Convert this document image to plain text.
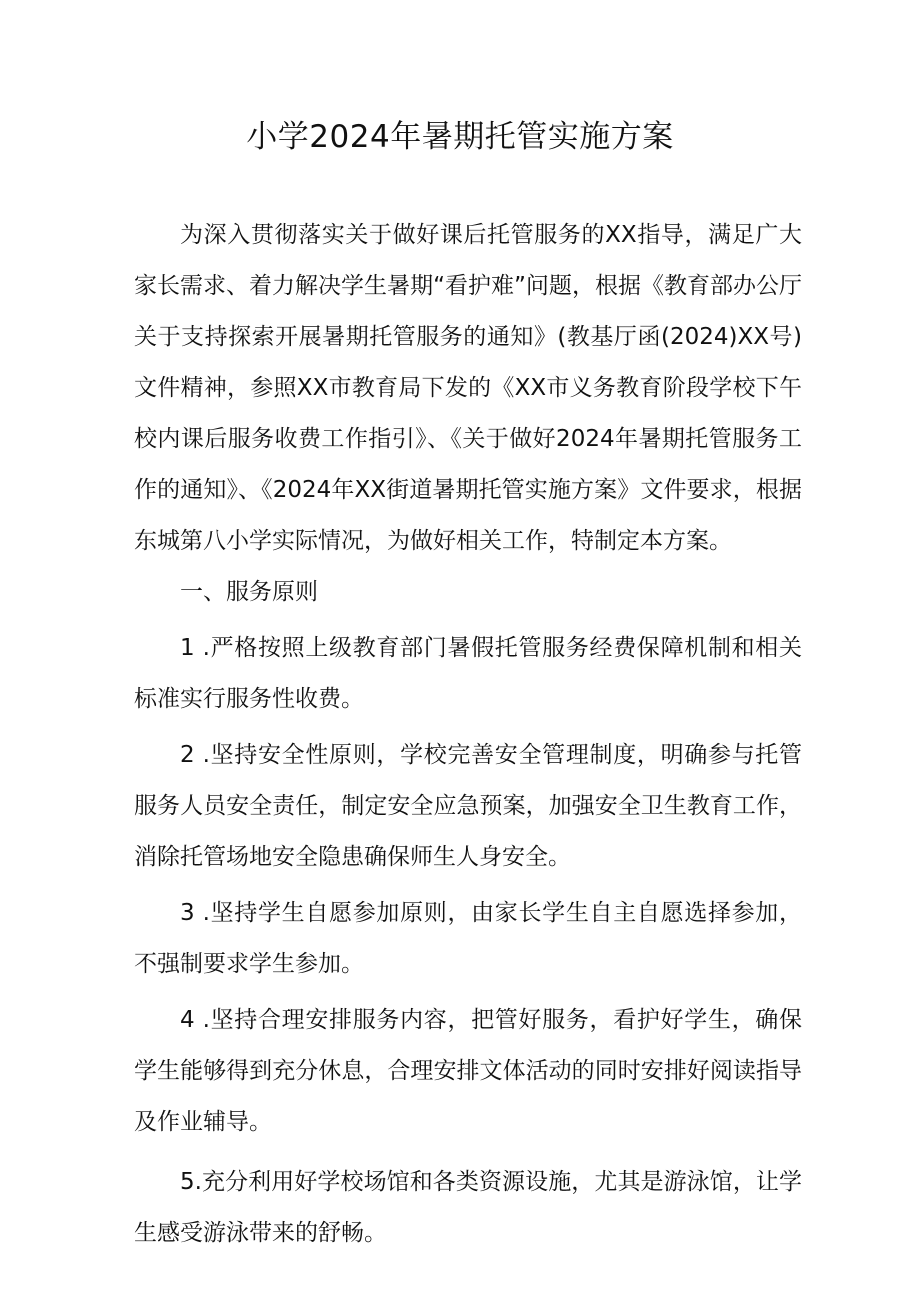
小学2024年暑期托管实施方案

为深入贯彻落实关于做好课后托管服务的XX指导，满足广大家长需求、着力解决学生暑期“看护难”问题，根据《教育部办公厅关于支持探索开展暑期托管服务的通知》(教基厅函(2024)XX号)文件精神，参照XX市教育局下发的《XX市义务教育阶段学校下午校内课后服务收费工作指引》、《关于做好2024年暑期托管服务工作的通知》、《2024年XX街道暑期托管实施方案》文件要求，根据东城第八小学实际情况，为做好相关工作，特制定本方案。

一、服务原则

1 .严格按照上级教育部门暑假托管服务经费保障机制和相关标准实行服务性收费。

2 .坚持安全性原则，学校完善安全管理制度，明确参与托管服务人员安全责任，制定安全应急预案，加强安全卫生教育工作，消除托管场地安全隐患确保师生人身安全。

3 .坚持学生自愿参加原则，由家长学生自主自愿选择参加，不强制要求学生参加。

4 .坚持合理安排服务内容，把管好服务，看护好学生，确保学生能够得到充分休息，合理安排文体活动的同时安排好阅读指导及作业辅导。

5.充分利用好学校场馆和各类资源设施，尤其是游泳馆，让学生感受游泳带来的舒畅。
